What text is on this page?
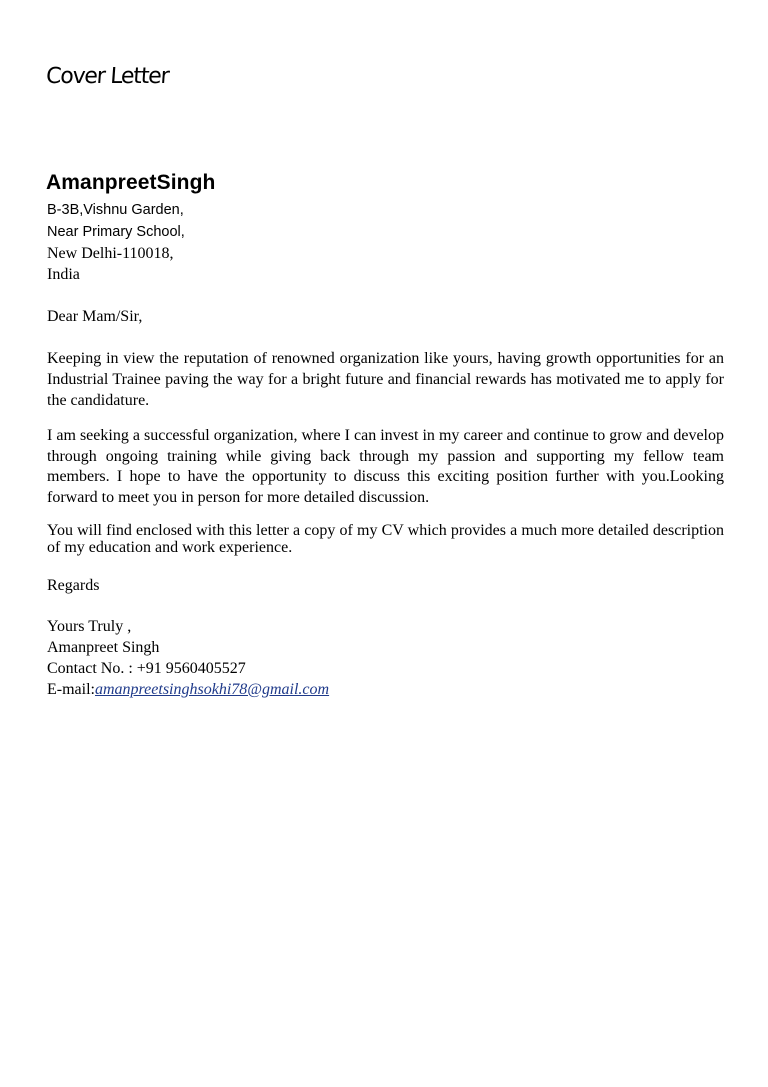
Cover Letter
AmanpreetSingh
B-3B,Vishnu Garden,
Near Primary School,
New Delhi-110018,
India
Dear Mam/Sir,
Keeping in view the reputation of renowned organization like yours, having growth opportunities for an Industrial Trainee paving the way for a bright future and financial rewards has motivated me to apply for the candidature.
I am seeking a successful organization, where I can invest in my career and continue to grow and develop through ongoing training while giving back through my passion and supporting my fellow team members. I hope to have the opportunity to discuss this exciting position further with you.Looking forward to meet you in person for more detailed discussion.
You will find enclosed with this letter a copy of my CV which provides a much more detailed description of my education and work experience.
Regards
Yours Truly ,
Amanpreet Singh
Contact No. : +91 9560405527
E-mail:amanpreetsinghsokhi78@gmail.com
